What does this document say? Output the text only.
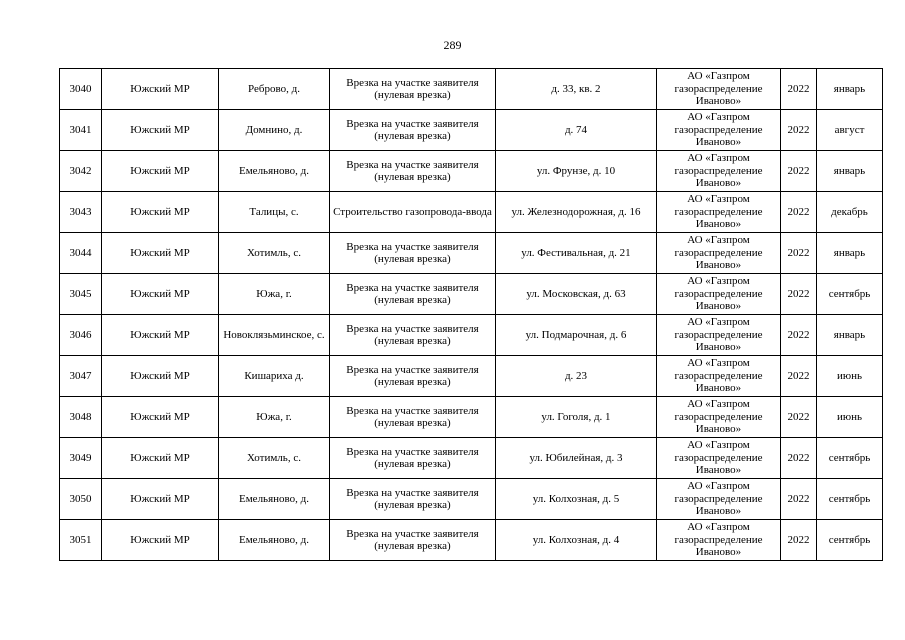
289
3040	Южский МР	Реброво, д.	Врезка на участке заявителя (нулевая врезка)	д. 33, кв. 2	АО «Газпром газораспределение Иваново»	2022	январь
3041	Южский МР	Домнино, д.	Врезка на участке заявителя (нулевая врезка)	д. 74	АО «Газпром газораспределение Иваново»	2022	август
3042	Южский МР	Емельяново, д.	Врезка на участке заявителя (нулевая врезка)	ул. Фрунзе, д. 10	АО «Газпром газораспределение Иваново»	2022	январь
3043	Южский МР	Талицы, с.	Строительство газопровода-ввода	ул. Железнодорожная, д. 16	АО «Газпром газораспределение Иваново»	2022	декабрь
3044	Южский МР	Хотимль, с.	Врезка на участке заявителя (нулевая врезка)	ул. Фестивальная, д. 21	АО «Газпром газораспределение Иваново»	2022	январь
3045	Южский МР	Южа, г.	Врезка на участке заявителя (нулевая врезка)	ул. Московская, д. 63	АО «Газпром газораспределение Иваново»	2022	сентябрь
3046	Южский МР	Новоклязьминское, с.	Врезка на участке заявителя (нулевая врезка)	ул. Подмарочная, д. 6	АО «Газпром газораспределение Иваново»	2022	январь
3047	Южский МР	Кишариха д.	Врезка на участке заявителя (нулевая врезка)	д. 23	АО «Газпром газораспределение Иваново»	2022	июнь
3048	Южский МР	Южа, г.	Врезка на участке заявителя (нулевая врезка)	ул. Гоголя, д. 1	АО «Газпром газораспределение Иваново»	2022	июнь
3049	Южский МР	Хотимль, с.	Врезка на участке заявителя (нулевая врезка)	ул. Юбилейная, д. 3	АО «Газпром газораспределение Иваново»	2022	сентябрь
3050	Южский МР	Емельяново, д.	Врезка на участке заявителя (нулевая врезка)	ул. Колхозная, д. 5	АО «Газпром газораспределение Иваново»	2022	сентябрь
3051	Южский МР	Емельяново, д.	Врезка на участке заявителя (нулевая врезка)	ул. Колхозная, д. 4	АО «Газпром газораспределение Иваново»	2022	сентябрь
